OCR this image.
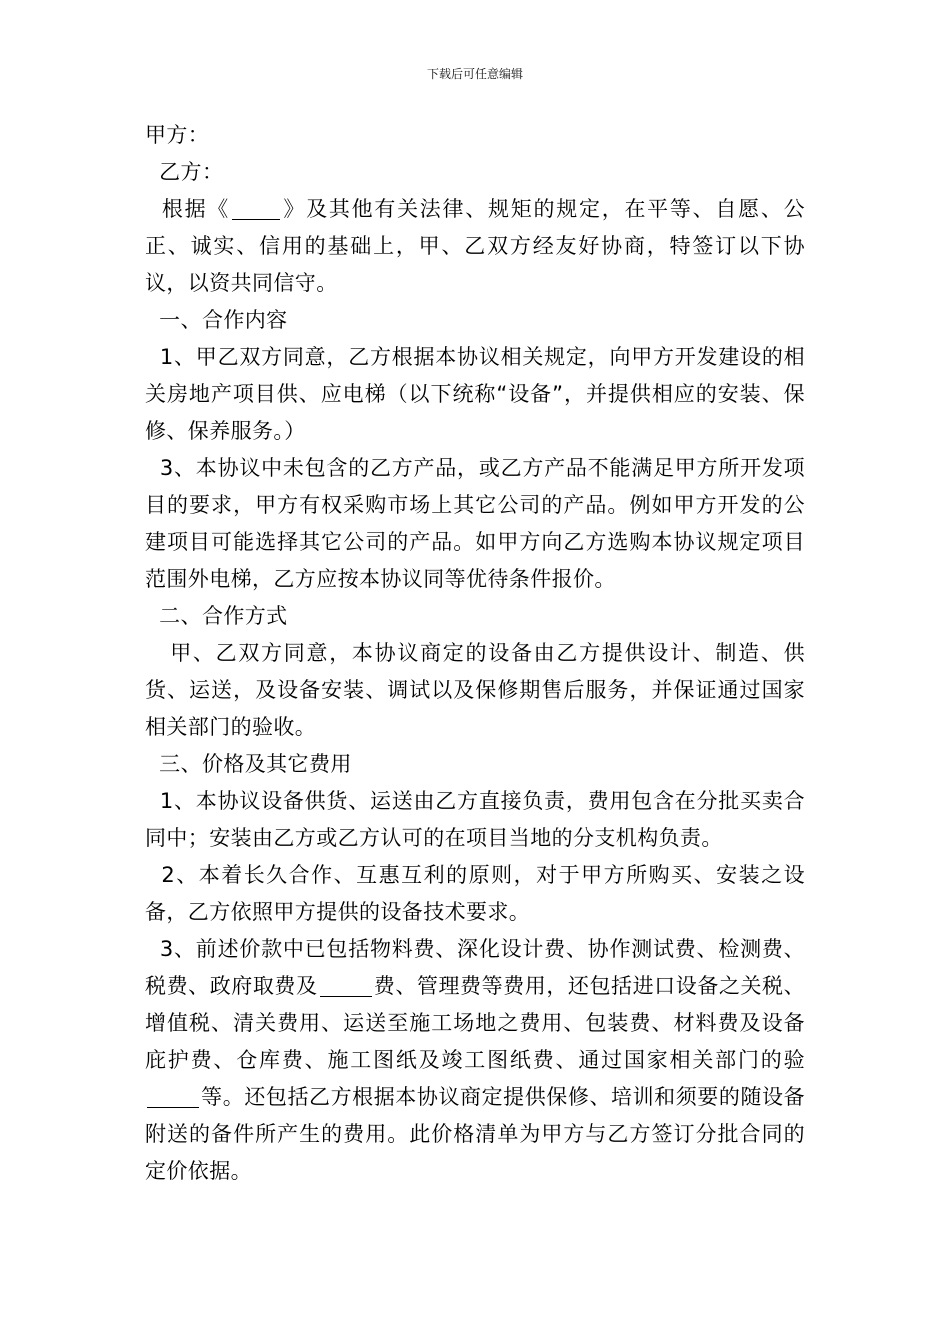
下载后可任意编辑

甲方：

乙方：

根据《 》及其他有关法律、规矩的规定，在平等、自愿、公正、诚实、信用的基础上，甲、乙双方经友好协商，特签订以下协议，以资共同信守。

一、合作内容

1、甲乙双方同意，乙方根据本协议相关规定，向甲方开发建设的相关房地产项目供、应电梯（以下统称“设备”，并提供相应的安装、保修、保养服务。）

3、本协议中未包含的乙方产品，或乙方产品不能满足甲方所开发项目的要求，甲方有权采购市场上其它公司的产品。例如甲方开发的公建项目可能选择其它公司的产品。如甲方向乙方选购本协议规定项目范围外电梯，乙方应按本协议同等优待条件报价。

二、合作方式

甲、乙双方同意，本协议商定的设备由乙方提供设计、制造、供货、运送，及设备安装、调试以及保修期售后服务，并保证通过国家相关部门的验收。

三、价格及其它费用

1、本协议设备供货、运送由乙方直接负责，费用包含在分批买卖合同中；安装由乙方或乙方认可的在项目当地的分支机构负责。

2、本着长久合作、互惠互利的原则，对于甲方所购买、安装之设备，乙方依照甲方提供的设备技术要求。

3、前述价款中已包括物料费、深化设计费、协作测试费、检测费、税费、政府取费及	费、管理费等费用，还包括进口设备之关税、增值税、清关费用、运送至施工场地之费用、包装费、材料费及设备庇护费、仓库费、施工图纸及竣工图纸费、通过国家相关部门的验等。还包括乙方根据本协议商定提供保修、培训和须要的随设备附送的备件所产生的费用。此价格清单为甲方与乙方签订分批合同的定价依据。
